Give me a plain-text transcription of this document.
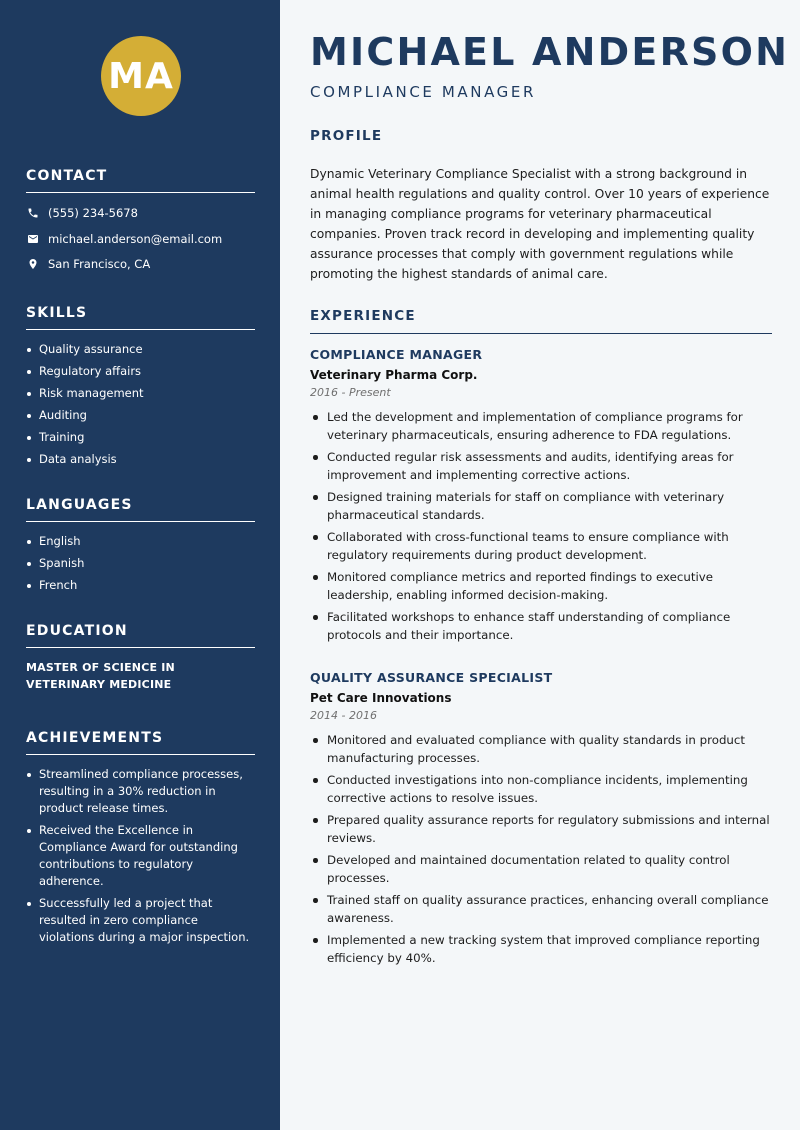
MA
CONTACT
(555) 234-5678
michael.anderson@email.com
San Francisco, CA
SKILLS
Quality assurance
Regulatory affairs
Risk management
Auditing
Training
Data analysis
LANGUAGES
English
Spanish
French
EDUCATION
MASTER OF SCIENCE IN VETERINARY MEDICINE
ACHIEVEMENTS
Streamlined compliance processes, resulting in a 30% reduction in product release times.
Received the Excellence in Compliance Award for outstanding contributions to regulatory adherence.
Successfully led a project that resulted in zero compliance violations during a major inspection.
MICHAEL ANDERSON
COMPLIANCE MANAGER
PROFILE

Dynamic Veterinary Compliance Specialist with a strong background in animal health regulations and quality control. Over 10 years of experience in managing compliance programs for veterinary pharmaceutical companies. Proven track record in developing and implementing quality assurance processes that comply with government regulations while promoting the highest standards of animal care.

EXPERIENCE
COMPLIANCE MANAGER
Veterinary Pharma Corp.
2016 - Present
Led the development and implementation of compliance programs for veterinary pharmaceuticals, ensuring adherence to FDA regulations.
Conducted regular risk assessments and audits, identifying areas for improvement and implementing corrective actions.
Designed training materials for staff on compliance with veterinary pharmaceutical standards.
Collaborated with cross-functional teams to ensure compliance with regulatory requirements during product development.
Monitored compliance metrics and reported findings to executive leadership, enabling informed decision-making.
Facilitated workshops to enhance staff understanding of compliance protocols and their importance.
QUALITY ASSURANCE SPECIALIST
Pet Care Innovations
2014 - 2016
Monitored and evaluated compliance with quality standards in product manufacturing processes.
Conducted investigations into non-compliance incidents, implementing corrective actions to resolve issues.
Prepared quality assurance reports for regulatory submissions and internal reviews.
Developed and maintained documentation related to quality control processes.
Trained staff on quality assurance practices, enhancing overall compliance awareness.
Implemented a new tracking system that improved compliance reporting efficiency by 40%.
